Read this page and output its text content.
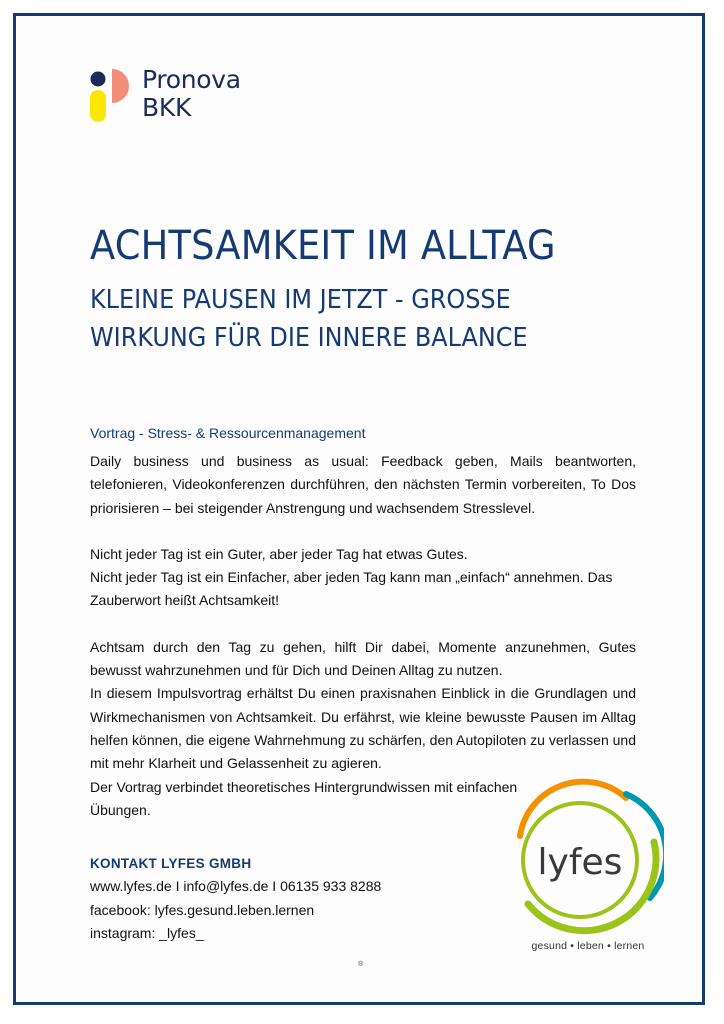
Pronova
BKK
ACHTSAMKEIT IM ALLTAG
KLEINE PAUSEN IM JETZT - GROSSE
WIRKUNG FÜR DIE INNERE BALANCE
Vortrag - Stress- & Ressourcenmanagement

Daily business und business as usual: Feedback geben, Mails beantworten, telefonieren, Videokonferenzen durchführen, den nächsten Termin vorbereiten, To Dos priorisieren – bei steigender Anstrengung und wachsendem Stresslevel.

Nicht jeder Tag ist ein Guter, aber jeder Tag hat etwas Gutes.

Nicht jeder Tag ist ein Einfacher, aber jeden Tag kann man „einfach“ annehmen. Das Zauberwort heißt Achtsamkeit!

Achtsam durch den Tag zu gehen, hilft Dir dabei, Momente anzunehmen, Gutes bewusst wahrzunehmen und für Dich und Deinen Alltag zu nutzen.

In diesem Impulsvortrag erhältst Du einen praxisnahen Einblick in die Grundlagen und Wirkmechanismen von Achtsamkeit. Du erfährst, wie kleine bewusste Pausen im Alltag helfen können, die eigene Wahrnehmung zu schärfen, den Autopiloten zu verlassen und mit mehr Klarheit und Gelassenheit zu agieren.

Der Vortrag verbindet theoretisches Hintergrundwissen mit einfachen

Übungen.

KONTAKT LYFES GMBH
www.lyfes.de I info@lyfes.de I 06135 933 8288
facebook: lyfes.gesund.leben.lernen
instagram: _lyfes_
lyfes
gesund • leben • lernen
®
